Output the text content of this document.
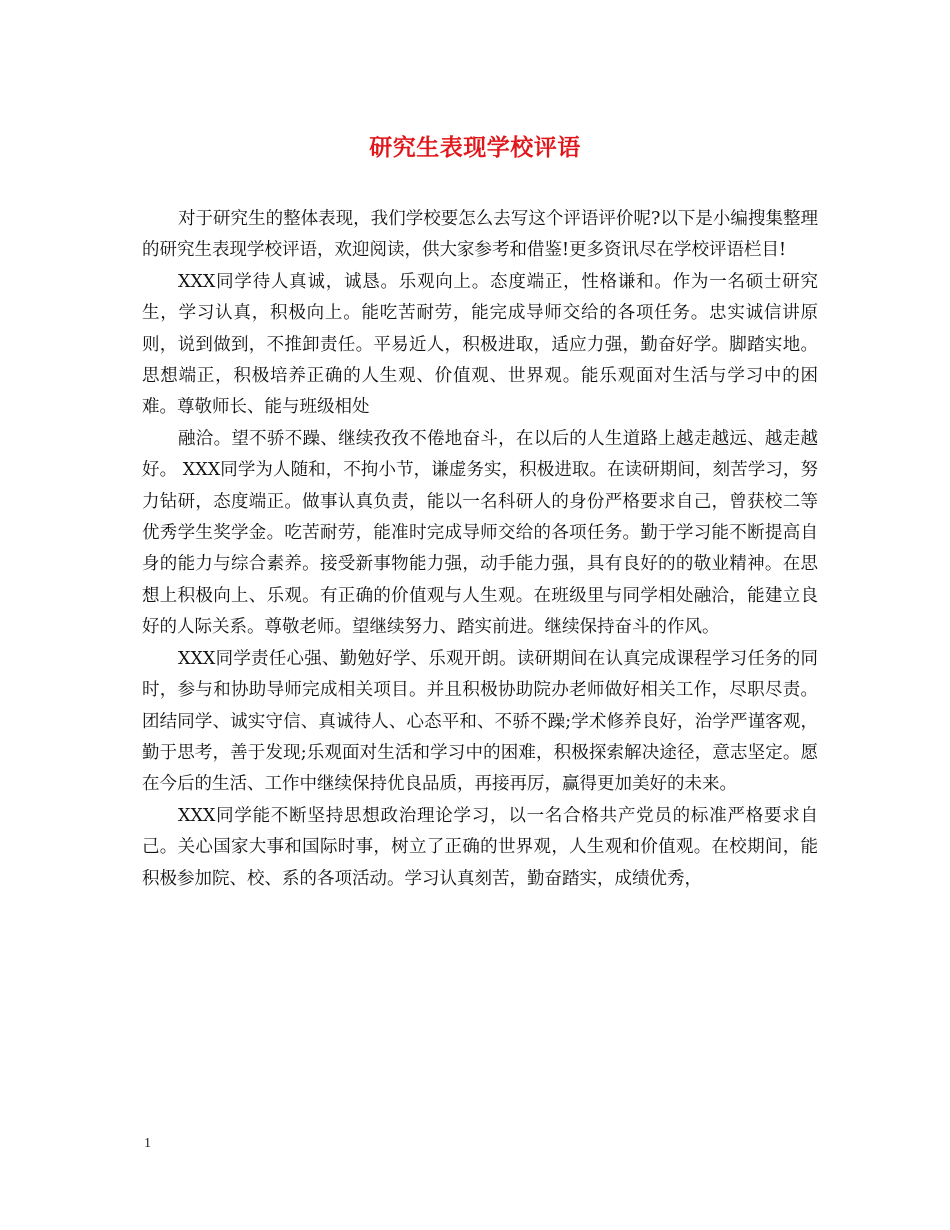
研究生表现学校评语

对于研究生的整体表现，我们学校要怎么去写这个评语评价呢?以下是小编搜集整理的研究生表现学校评语，欢迎阅读，供大家参考和借鉴!更多资讯尽在学校评语栏目!

XXX同学待人真诚，诚恳。乐观向上。态度端正，性格谦和。作为一名硕士研究生，学习认真，积极向上。能吃苦耐劳，能完成导师交给的各项任务。忠实诚信讲原则，说到做到，不推卸责任。平易近人，积极进取，适应力强，勤奋好学。脚踏实地。思想端正，积极培养正确的人生观、价值观、世界观。能乐观面对生活与学习中的困难。尊敬师长、能与班级相处

融洽。望不骄不躁、继续孜孜不倦地奋斗，在以后的人生道路上越走越远、越走越好。 XXX同学为人随和，不拘小节，谦虚务实，积极进取。在读研期间，刻苦学习，努力钻研，态度端正。做事认真负责，能以一名科研人的身份严格要求自己，曾获校二等优秀学生奖学金。吃苦耐劳，能准时完成导师交给的各项任务。勤于学习能不断提高自身的能力与综合素养。接受新事物能力强，动手能力强，具有良好的的敬业精神。在思想上积极向上、乐观。有正确的价值观与人生观。在班级里与同学相处融洽，能建立良好的人际关系。尊敬老师。望继续努力、踏实前进。继续保持奋斗的作风。

XXX同学责任心强、勤勉好学、乐观开朗。读研期间在认真完成课程学习任务的同时，参与和协助导师完成相关项目。并且积极协助院办老师做好相关工作，尽职尽责。团结同学、诚实守信、真诚待人、心态平和、不骄不躁;学术修养良好，治学严谨客观，勤于思考，善于发现;乐观面对生活和学习中的困难，积极探索解决途径，意志坚定。愿在今后的生活、工作中继续保持优良品质，再接再厉，赢得更加美好的未来。

XXX同学能不断坚持思想政治理论学习，以一名合格共产党员的标准严格要求自己。关心国家大事和国际时事，树立了正确的世界观，人生观和价值观。在校期间，能积极参加院、校、系的各项活动。学习认真刻苦，勤奋踏实，成绩优秀，

1
